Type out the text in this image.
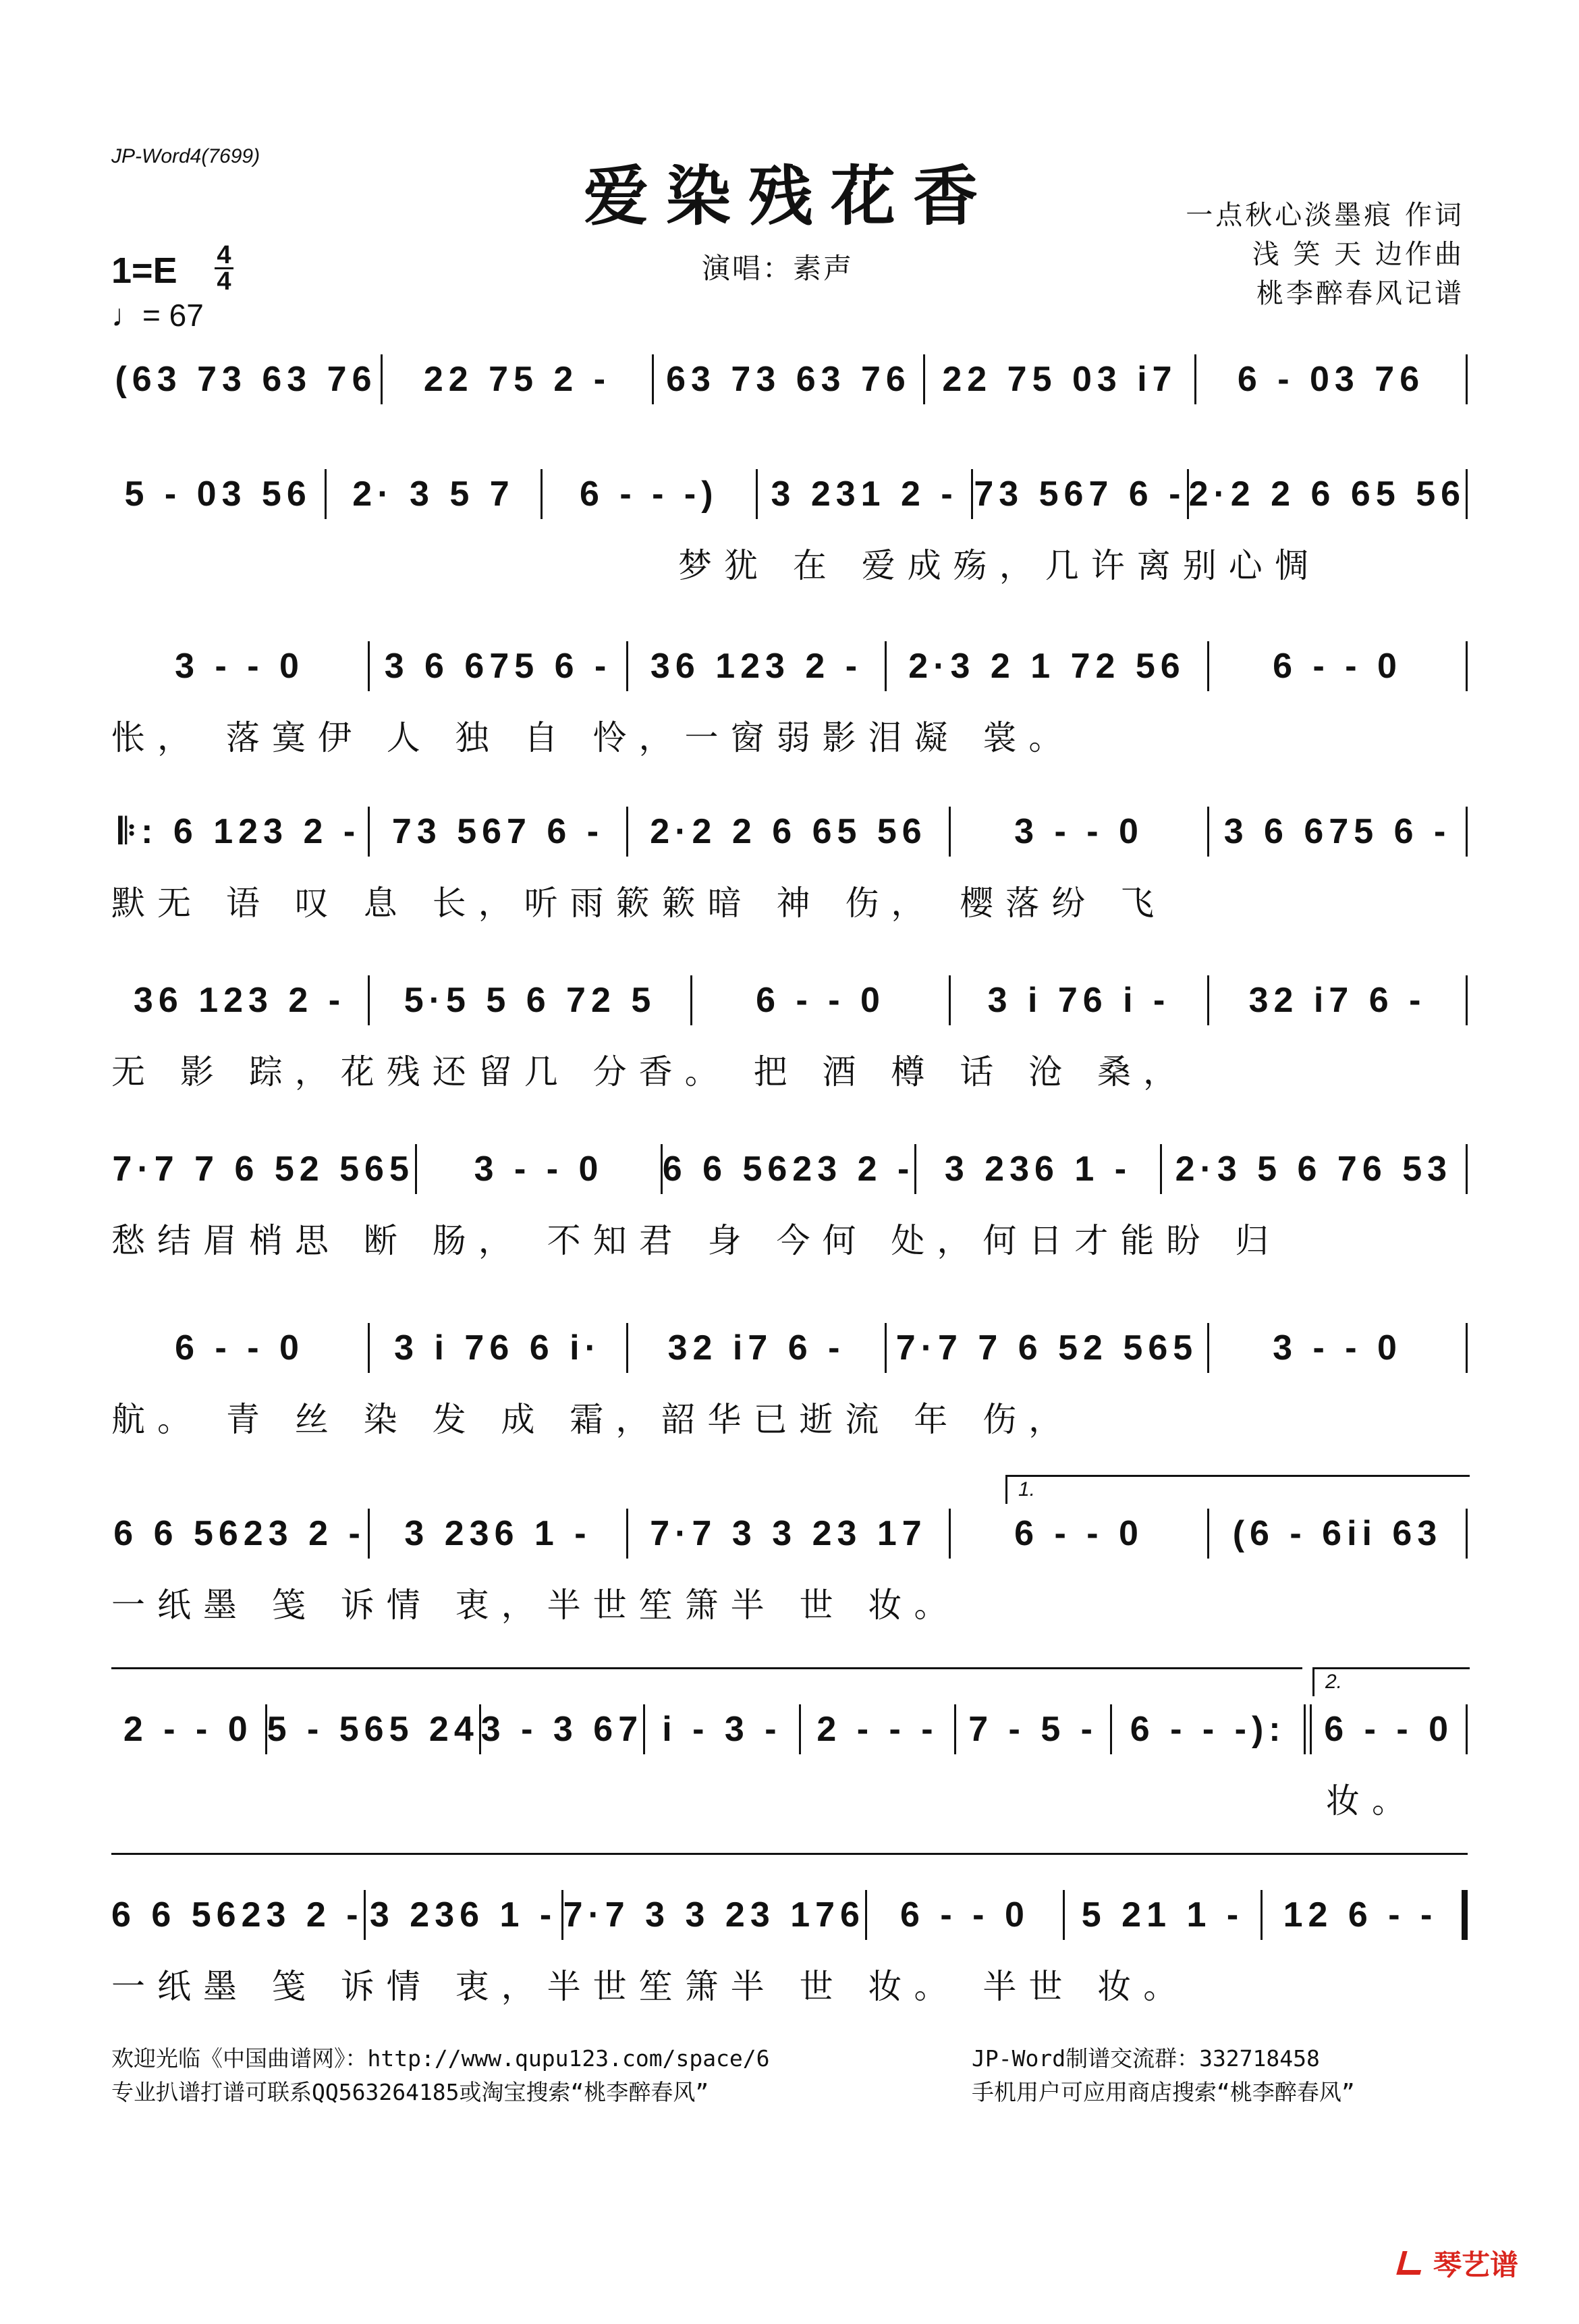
JP-Word4(7699)
爱染残花香	一点秋心淡墨痕 作词
浅 笑 天 边作曲
桃李醉春风记谱
1=E 4
4
♩= 67
演唱：素声
(63 73 63 76	22 75 2 -	63 73 63 76 22 75 03 i7	6 - 03 76
5 - 03 56	2· 3 5 7	6 - - -)	3 231 2 - 73 567 6 - 2·2 2 6 65 56
梦犹 在 爱成殇，几许离别心惆
3 - - 0	3 6 675 6 -	36 123 2 -	2·3 2 1 72 56	6 - - 0
怅， 落寞伊 人 独 自 怜，一窗弱影泪凝 裳。
𝄆: 6 123 2 - 73 567 6 -	2·2 2 6 65 56	3 - - 0	3 6 675 6 -
默无 语 叹 息 长，听雨簌簌暗 神 伤， 樱落纷 飞
36 123 2 -	5·5 5 6 72 5	6 - - 0	3 i 76 i -	32 i7 6 -
无 影 踪，花残还留几 分香。 把 酒 樽 话 沧 桑，
7·7 7 6 52 565	3 - - 0	6 6 5623 2 - 3 236 1 -	2·3 5 6 76 53
愁结眉梢思 断 肠， 不知君 身 今何 处，何日才能盼 归
6 - - 0	3 i 76 6 i·	32 i7 6 -	7·7 7 6 52 565	3 - - 0
航。 青 丝 染 发 成 霜，韶华已逝流 年 伤，
1.
6 6 5623 2 -	3 236 1 -	7·7 3 3 23 17	6 - - 0	(6 - 6ii 63
一纸墨 笺 诉情 衷，半世笙箫半 世 妆。
2.
2 - - 0 5 - 565 24 3 - 3 67 i - 3 - 2 - - - 7 - 5 - 6 - - -):	6 - - 0
妆。
6 6 5623 2 - 3 236 1 - 7·7 3 3 23 176	6 - - 0	5 21 1 -	12 6 - -
一纸墨 笺 诉情 衷，半世笙箫半 世 妆。 半世 妆。
欢迎光临《中国曲谱网》：http://www.qupu123.com/space/6
专业扒谱打谱可联系QQ563264185或淘宝搜索“桃李醉春风”
JP-Word制谱交流群：332718458
手机用户可应用商店搜索“桃李醉春风”
琴艺谱
